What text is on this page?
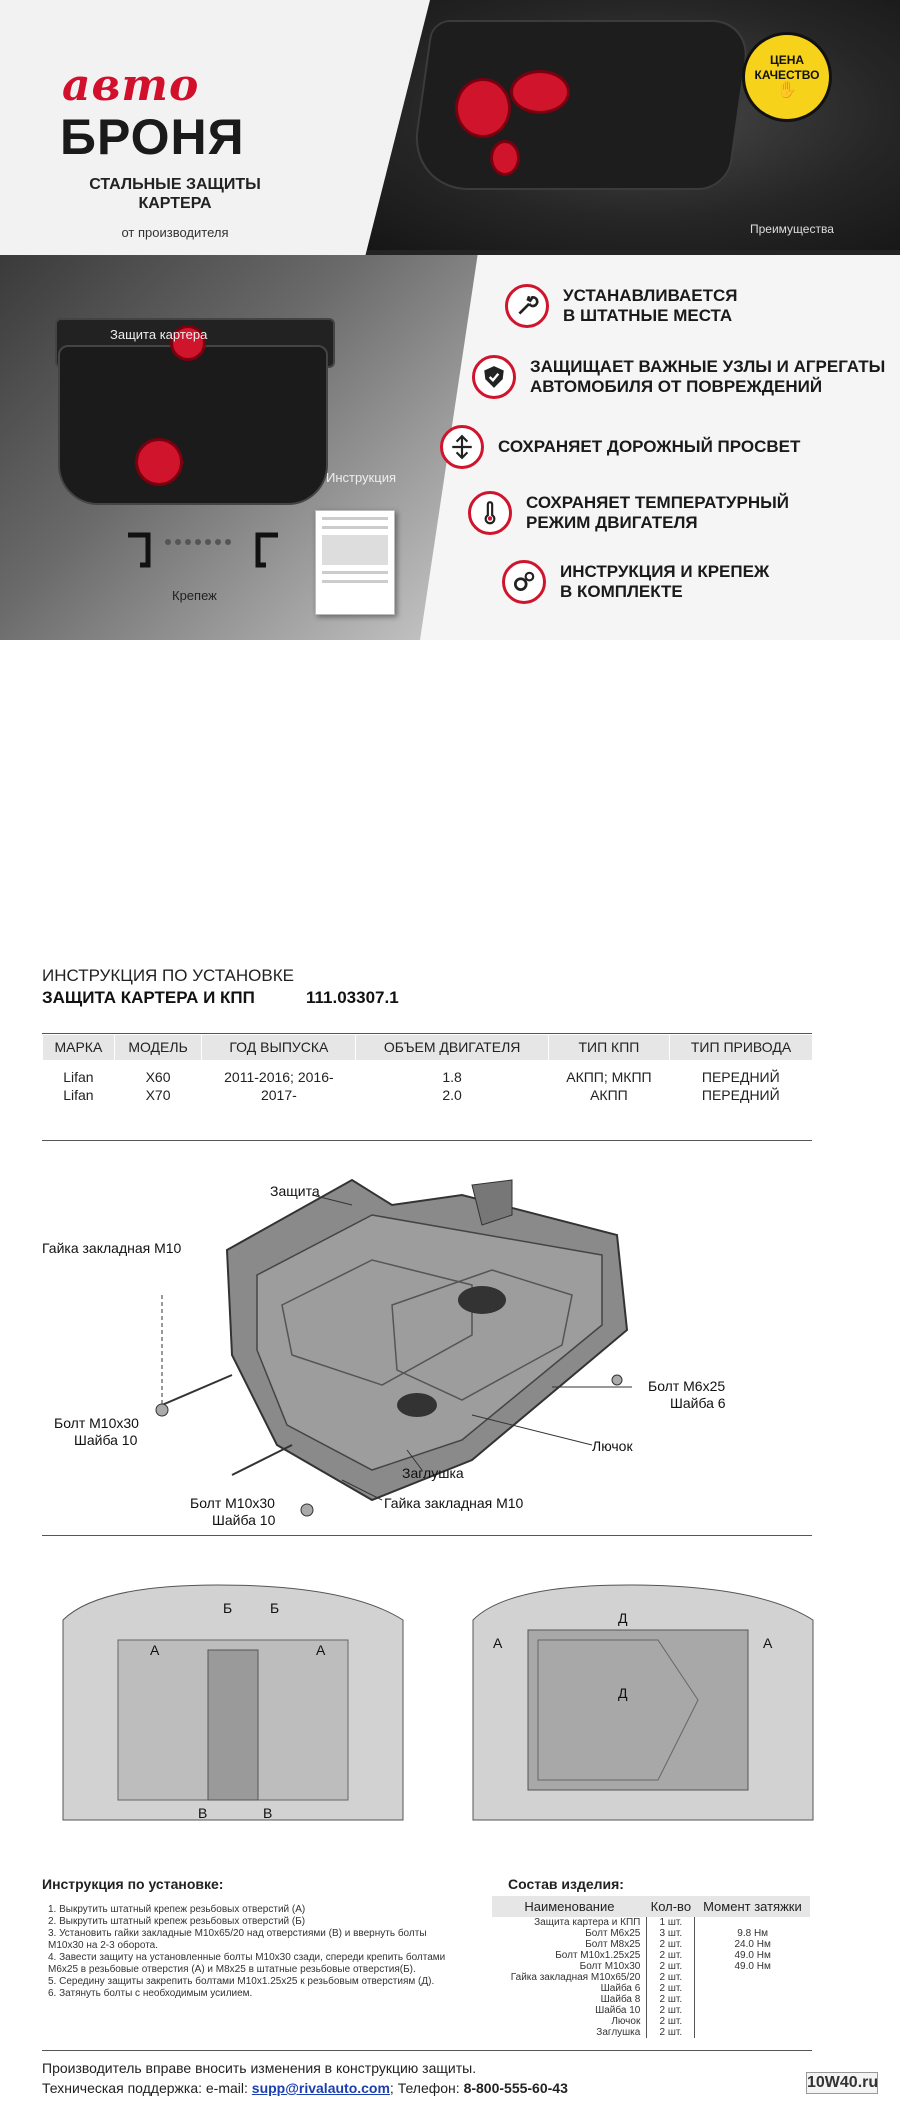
авто
БРОНЯ
СТАЛЬНЫЕ ЗАЩИТЫ КАРТЕРА
от производителя
ЦЕНА КАЧЕСТВО
✋
Преимущества
Защита картера
Инструкция
Крепеж
УСТАНАВЛИВАЕТСЯ
В ШТАТНЫЕ МЕСТА
ЗАЩИЩАЕТ ВАЖНЫЕ УЗЛЫ И АГРЕГАТЫ
АВТОМОБИЛЯ ОТ ПОВРЕЖДЕНИЙ
СОХРАНЯЕТ ДОРОЖНЫЙ ПРОСВЕТ
СОХРАНЯЕТ ТЕМПЕРАТУРНЫЙ
РЕЖИМ ДВИГАТЕЛЯ
ИНСТРУКЦИЯ И КРЕПЕЖ
В КОМПЛЕКТЕ
ИНСТРУКЦИЯ ПО УСТАНОВКЕ
ЗАЩИТА КАРТЕРА И КПП	111.03307.1
МАРКА	МОДЕЛЬ	ГОД ВЫПУСКА	ОБЪЕМ ДВИГАТЕЛЯ	ТИП КПП	ТИП ПРИВОДА
Lifan	X60	2011-2016; 2016-	1.8	АКПП; МКПП	ПЕРЕДНИЙ
Lifan	X70	2017-	2.0	АКПП	ПЕРЕДНИЙ
Защита
Гайка закладная М10
Болт М6х25
Шайба 6
Лючок
Болт М10х30
Шайба 10
Заглушка
Болт М10х30
Шайба 10
Гайка закладная М10
А	А
Б	Б
В	В
Д
Д
А	А
Инструкция по установке:
1. Выкрутить штатный крепеж резьбовых отверстий (А)
2. Выкрутить штатный крепеж резьбовых отверстий (Б)
3. Установить гайки закладные М10х65/20 над отверстиями (В) и ввернуть болты
М10х30 на 2-3 оборота.
4. Завести защиту на установленные болты М10х30 сзади, спереди крепить болтами
М6х25 в резьбовые отверстия (А) и М8х25 в штатные резьбовые отверстия(Б).
5. Середину защиты закрепить болтами М10х1.25х25 к резьбовым отверстиям (Д).
6. Затянуть болты с необходимым усилием.
Состав изделия:
Наименование	Кол-во	Момент затяжки
Защита картера и КПП	1 шт.	
Болт М6х25	3 шт.	9.8 Нм
Болт М8х25	2 шт.	24.0 Нм
Болт М10х1.25х25	2 шт.	49.0 Нм
Болт М10х30	2 шт.	49.0 Нм
Гайка закладная М10х65/20	2 шт.	
Шайба 6	2 шт.	
Шайба 8	2 шт.	
Шайба 10	2 шт.	
Лючок	2 шт.	
Заглушка	2 шт.	
Производитель вправе вносить изменения в конструкцию защиты.
Техническая поддержка: e-mail: supp@rivalauto.com; Телефон: 8-800-555-60-43	10W40.ru
